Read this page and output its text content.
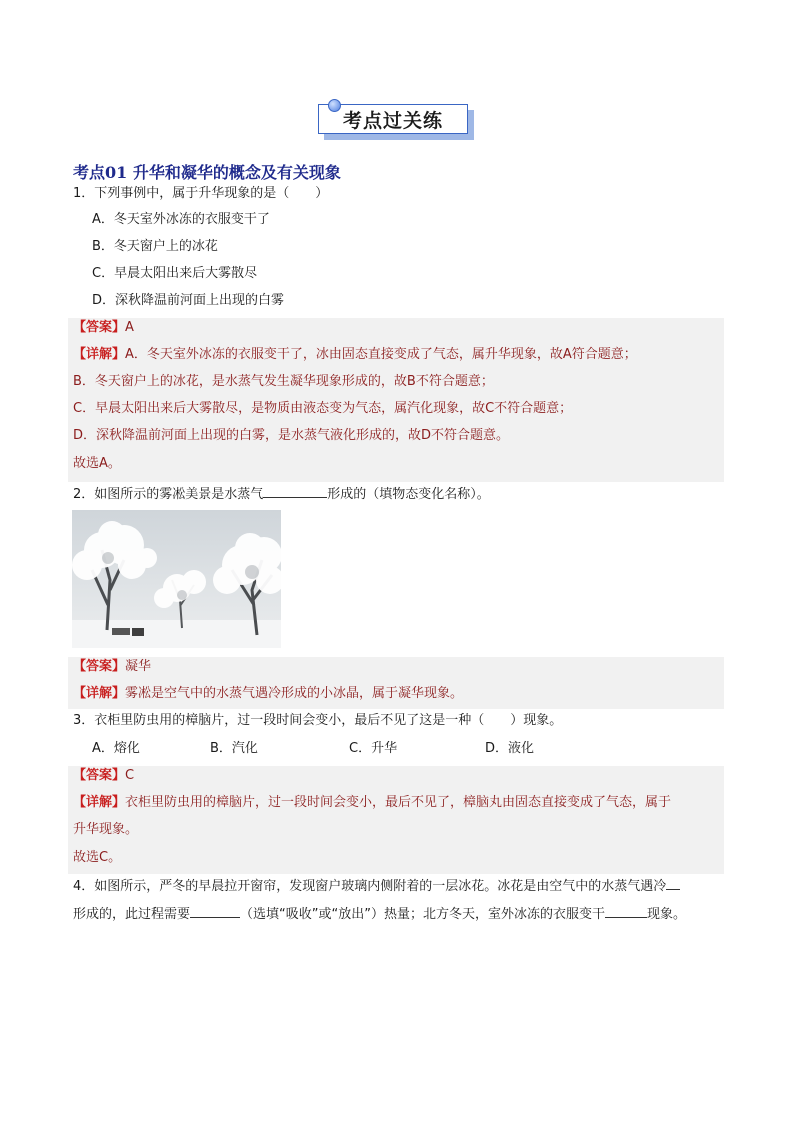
考点过关练
考点01 升华和凝华的概念及有关现象
1．下列事例中，属于升华现象的是（　　）
A．冬天室外冰冻的衣服变干了
B．冬天窗户上的冰花
C．早晨太阳出来后大雾散尽
D．深秋降温前河面上出现的白雾
【答案】A
【详解】A．冬天室外冰冻的衣服变干了，冰由固态直接变成了气态，属升华现象，故A符合题意；
B．冬天窗户上的冰花，是水蒸气发生凝华现象形成的，故B不符合题意；
C．早晨太阳出来后大雾散尽，是物质由液态变为气态，属汽化现象，故C不符合题意；
D．深秋降温前河面上出现的白雾，是水蒸气液化形成的，故D不符合题意。
故选A。
2．如图所示的雾凇美景是水蒸气	形成的（填物态变化名称）。
【答案】凝华
【详解】雾凇是空气中的水蒸气遇冷形成的小冰晶，属于凝华现象。
3．衣柜里防虫用的樟脑片，过一段时间会变小，最后不见了这是一种（　　）现象。
A．熔化	B．汽化	C．升华	D．液化
【答案】C
【详解】衣柜里防虫用的樟脑片，过一段时间会变小，最后不见了，樟脑丸由固态直接变成了气态，属于
升华现象。
故选C。
4．如图所示，严冬的早晨拉开窗帘，发现窗户玻璃内侧附着的一层冰花。冰花是由空气中的水蒸气遇冷
形成的，此过程需要	（选填“吸收”或“放出”）热量；北方冬天，室外冰冻的衣服变干	现象。
